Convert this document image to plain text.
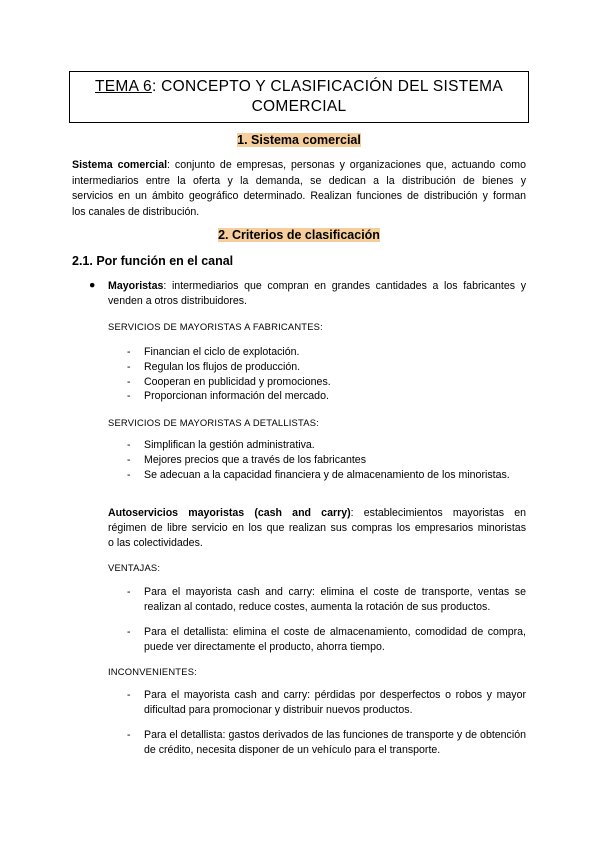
TEMA 6: CONCEPTO Y CLASIFICACIÓN DEL SISTEMA
COMERCIAL
1. Sistema comercial
Sistema comercial: conjunto de empresas, personas y organizaciones que, actuando como
intermediarios entre la oferta y la demanda, se dedican a la distribución de bienes y
servicios en un ámbito geográfico determinado. Realizan funciones de distribución y forman
los canales de distribución.
2. Criterios de clasificación
2.1. Por función en el canal
● Mayoristas: intermediarios que compran en grandes cantidades a los fabricantes y
venden a otros distribuidores.
SERVICIOS DE MAYORISTAS A FABRICANTES:
- Financian el ciclo de explotación.
- Regulan los flujos de producción.
- Cooperan en publicidad y promociones.
- Proporcionan información del mercado.
SERVICIOS DE MAYORISTAS A DETALLISTAS:
- Simplifican la gestión administrativa.
- Mejores precios que a través de los fabricantes
- Se adecuan a la capacidad financiera y de almacenamiento de los minoristas.
Autoservicios mayoristas (cash and carry): establecimientos mayoristas en
régimen de libre servicio en los que realizan sus compras los empresarios minoristas
o las colectividades.
VENTAJAS:
- Para el mayorista cash and carry: elimina el coste de transporte, ventas se realizan al contado, reduce costes, aumenta la rotación de sus productos.
- Para el detallista: elimina el coste de almacenamiento, comodidad de compra, puede ver directamente el producto, ahorra tiempo.
INCONVENIENTES:
- Para el mayorista cash and carry: pérdidas por desperfectos o robos y mayor dificultad para promocionar y distribuir nuevos productos.
- Para el detallista: gastos derivados de las funciones de transporte y de obtención de crédito, necesita disponer de un vehículo para el transporte.
